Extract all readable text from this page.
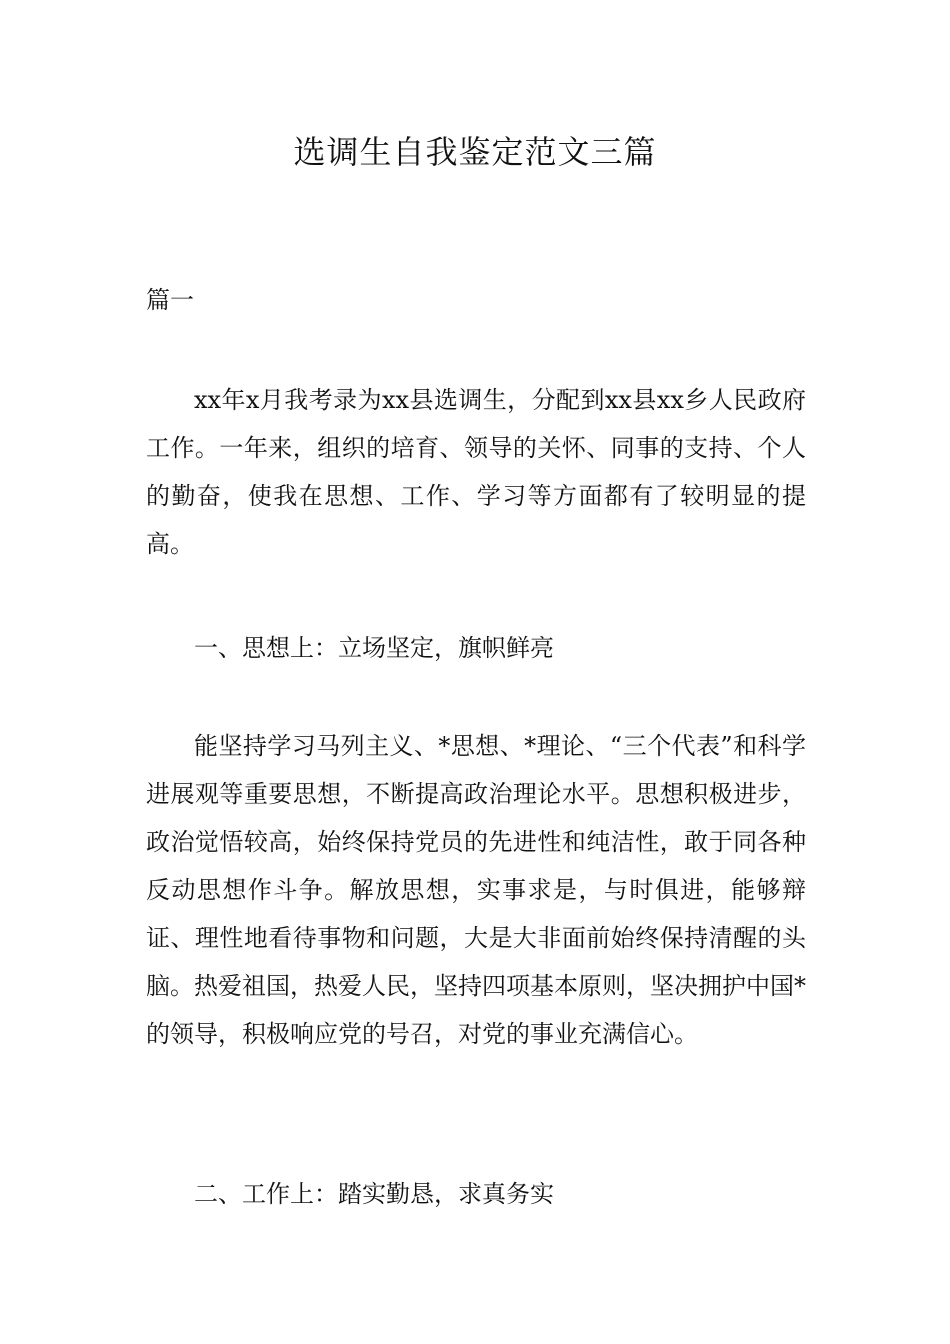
选调生自我鉴定范文三篇

篇一

xx年x月我考录为xx县选调生，分配到xx县xx乡人民政府工作。一年来，组织的培育、领导的关怀、同事的支持、个人的勤奋，使我在思想、工作、学习等方面都有了较明显的提高。

一、思想上：立场坚定，旗帜鲜亮

能坚持学习马列主义、*思想、*理论、“三个代表”和科学进展观等重要思想，不断提高政治理论水平。思想积极进步，政治觉悟较高，始终保持党员的先进性和纯洁性，敢于同各种反动思想作斗争。解放思想，实事求是，与时俱进，能够辩证、理性地看待事物和问题，大是大非面前始终保持清醒的头脑。热爱祖国，热爱人民，坚持四项基本原则，坚决拥护中国*的领导，积极响应党的号召，对党的事业充满信心。

二、工作上：踏实勤恳，求真务实
